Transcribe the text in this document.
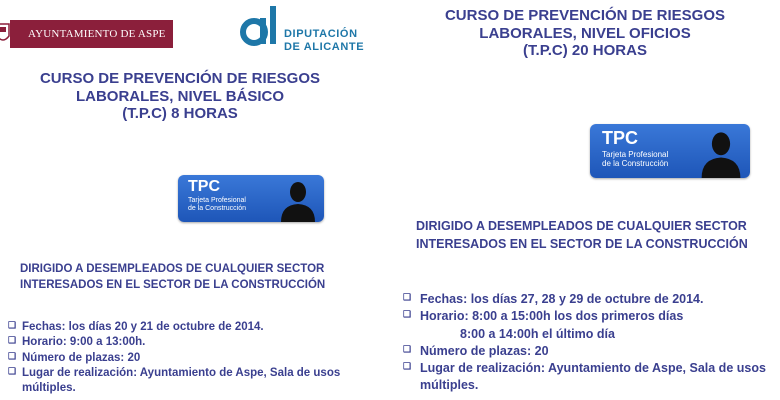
AYUNTAMIENTO DE ASPE	DIPUTACIÓN
DE ALICANTE
CURSO DE PREVENCIÓN DE RIESGOS
LABORALES, NIVEL BÁSICO
(T.P.C) 8 HORAS
TPC
Tarjeta Profesional
de la Construcción
DIRIGIDO A DESEMPLEADOS DE CUALQUIER SECTOR
INTERESADOS EN EL SECTOR DE LA CONSTRUCCIÓN
❑ Fechas: los días 20 y 21 de octubre de 2014.
❑ Horario: 9:00 a 13:00h.
❑ Número de plazas: 20
❑ Lugar de realización: Ayuntamiento de Aspe, Sala de usos
múltiples.
CURSO DE PREVENCIÓN DE RIESGOS
LABORALES, NIVEL OFICIOS
(T.P.C) 20 HORAS
TPC
Tarjeta Profesional
de la Construcción
DIRIGIDO A DESEMPLEADOS DE CUALQUIER SECTOR
INTERESADOS EN EL SECTOR DE LA CONSTRUCCIÓN
❑ Fechas: los días 27, 28 y 29 de octubre de 2014.
❑ Horario: 8:00 a 15:00h los dos primeros días
8:00 a 14:00h el último día
❑ Número de plazas: 20
❑ Lugar de realización: Ayuntamiento de Aspe, Sala de usos
múltiples.
